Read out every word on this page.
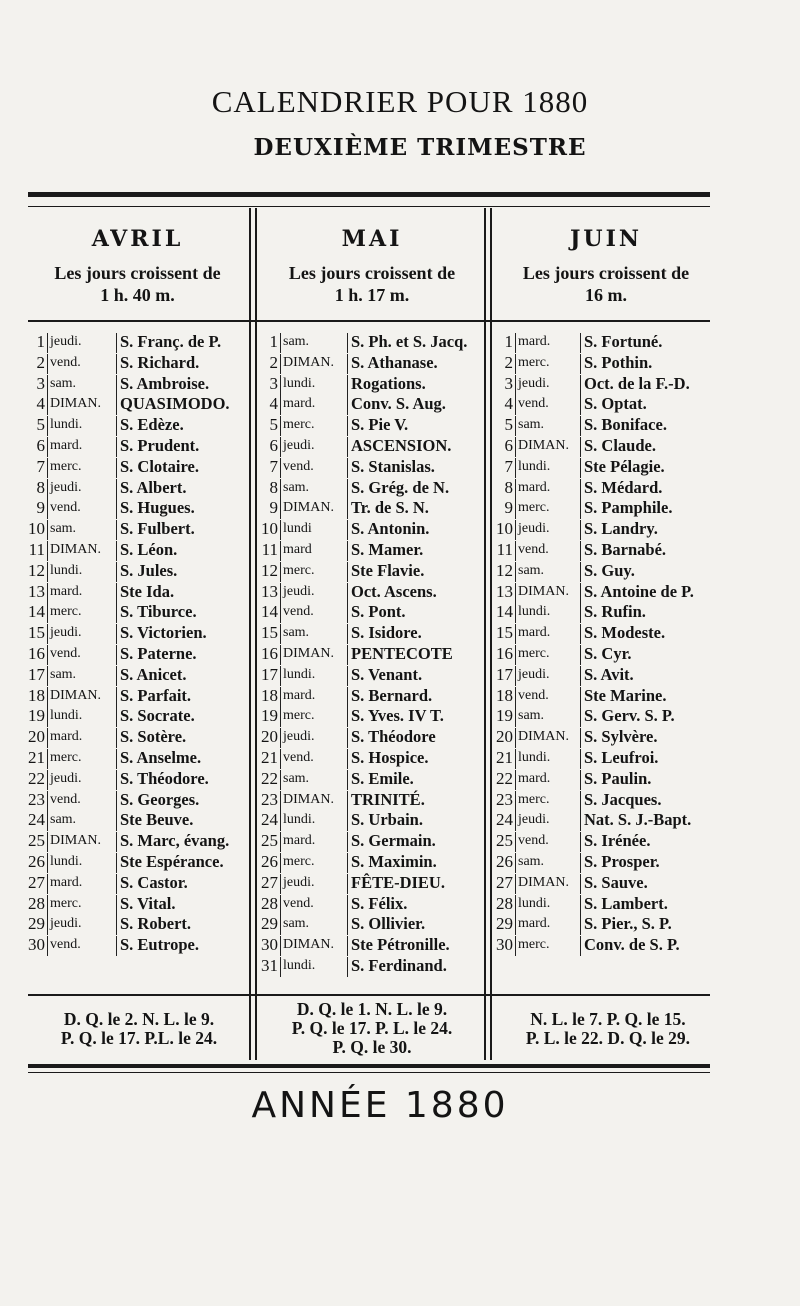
CALENDRIER POUR 1880
DEUXIÈME TRIMESTRE
AVRIL
Les jours croissent de
1 h. 40 m.
MAI
Les jours croissent de
1 h. 17 m.
JUIN
Les jours croissent de
16 m.
1 jeudi. S. Franç. de P.
2 vend. S. Richard.
3 sam.	S. Ambroise.
4 DIMAN. QUASIMODO.
5 lundi. S. Edèze.
6 mard. S. Prudent.
7 merc. S. Clotaire.
8 jeudi. S. Albert.
9 vend. S. Hugues.
10 sam.	S. Fulbert.
11 DIMAN. S. Léon.
12 lundi. S. Jules.
13 mard. Ste Ida.
14 merc. S. Tiburce.
15 jeudi. S. Victorien.
16 vend. S. Paterne.
17 sam.	S. Anicet.
18 DIMAN. S. Parfait.
19 lundi. S. Socrate.
20 mard. S. Sotère.
21 merc. S. Anselme.
22 jeudi. S. Théodore.
23 vend. S. Georges.
24 sam.	Ste Beuve.
25 DIMAN. S. Marc, évang.
26 lundi. Ste Espérance.
27 mard. S. Castor.
28 merc. S. Vital.
29 jeudi. S. Robert.
30 vend. S. Eutrope.
1 sam.	S. Ph. et S. Jacq.
2 DIMAN. S. Athanase.
3 lundi. Rogations.
4 mard. Conv. S. Aug.
5 merc. S. Pie V.
6 jeudi. ASCENSION.
7 vend. S. Stanislas.
8 sam.	S. Grég. de N.
9 DIMAN. Tr. de S. N.
10 lundi S. Antonin.
11 mard S. Mamer.
12 merc. Ste Flavie.
13 jeudi. Oct. Ascens.
14 vend. S. Pont.
15 sam.	S. Isidore.
16 DIMAN. PENTECOTE
17 lundi. S. Venant.
18 mard. S. Bernard.
19 merc. S. Yves. IV T.
20 jeudi. S. Théodore
21 vend. S. Hospice.
22 sam.	S. Emile.
23 DIMAN. TRINITÉ.
24 lundi. S. Urbain.
25 mard. S. Germain.
26 merc. S. Maximin.
27 jeudi. FÊTE-DIEU.
28 vend. S. Félix.
29 sam.	S. Ollivier.
30 DIMAN. Ste Pétronille.
31 lundi. S. Ferdinand.
1 mard. S. Fortuné.
2 merc. S. Pothin.
3 jeudi. Oct. de la F.-D.
4 vend. S. Optat.
5 sam. S. Boniface.
6 DIMAN. S. Claude.
7 lundi. Ste Pélagie.
8 mard. S. Médard.
9 merc. S. Pamphile.
10 jeudi. S. Landry.
11 vend. S. Barnabé.
12 sam. S. Guy.
13 DIMAN. S. Antoine de P.
14 lundi. S. Rufin.
15 mard. S. Modeste.
16 merc. S. Cyr.
17 jeudi. S. Avit.
18 vend. Ste Marine.
19 sam. S. Gerv. S. P.
20 DIMAN. S. Sylvère.
21 lundi. S. Leufroi.
22 mard. S. Paulin.
23 merc. S. Jacques.
24 jeudi. Nat. S. J.-Bapt.
25 vend. S. Irénée.
26 sam. S. Prosper.
27 DIMAN. S. Sauve.
28 lundi. S. Lambert.
29 mard. S. Pier., S. P.
30 merc. Conv. de S. P.
D. Q. le 2. N. L. le 9.
P. Q. le 17. P.L. le 24.
D. Q. le 1. N. L. le 9.
P. Q. le 17. P. L. le 24.
P. Q. le 30.
N. L. le 7. P. Q. le 15.
P. L. le 22. D. Q. le 29.
ANNÉE 1880
